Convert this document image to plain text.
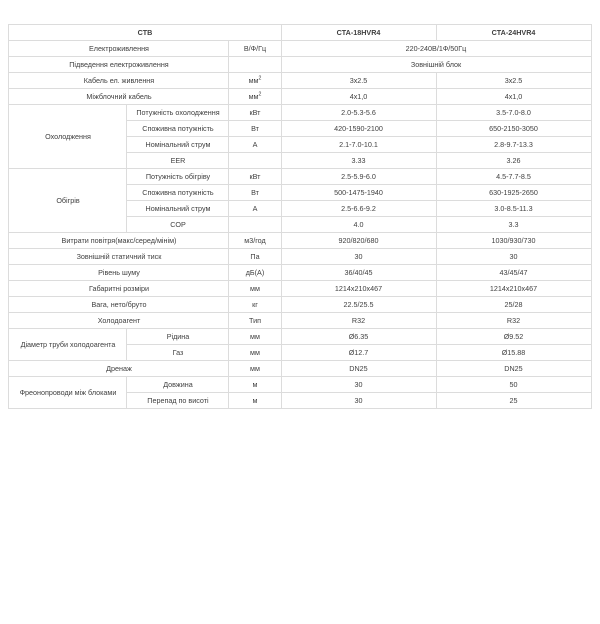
CTB			CTA-18HVR4	CTA-24HVR4
Електроживлення		В/Ф/Гц	220-240В/1Ф/50Гц	
Підведення електроживлення			Зовнішній блок	
Кабель ел. живлення		$мм^2$	3x2.5	3x2.5
Міжблочний кабель		$мм^2$	4x1,0	4x1,0
Охолодження	Потужність охолодження	кВт	2.0-5.3-5.6	3.5-7.0-8.0
	Споживна потужність	Вт	420-1590-2100	650-2150-3050
	Номінальний струм	А	2.1-7.0-10.1	2.8-9.7-13.3
	EER		3.33	3.26
Обігрів	Потужність обігріву	кВт	2.5-5.9-6.0	4.5-7.7-8.5
	Споживна потужність	Вт	500-1475-1940	630-1925-2650
	Номінальний струм	А	2.5-6.6-9.2	3.0-8.5-11.3
	COP		4.0	3.3
Витрати повітря(макс/серед/мінім)		м3/год	920/820/680	1030/930/730
Зовнішній статичний тиск		Па	30	30
Рівень шуму		дБ(А)	36/40/45	43/45/47
Габаритні розміри		мм	1214х210х467	1214х210х467
Вага, нето/бруто		кг	22.5/25.5	25/28
Холодоагент		Тип	R32	R32
Діаметр труби холодоагента	Рідина	мм	Ø6.35	Ø9.52
	Газ	мм	Ø12.7	Ø15.88
Дренаж		мм	DN25	DN25
Фреонопроводи між блоками	Довжина	м	30	50
	Перепад по висоті	м	30	25
